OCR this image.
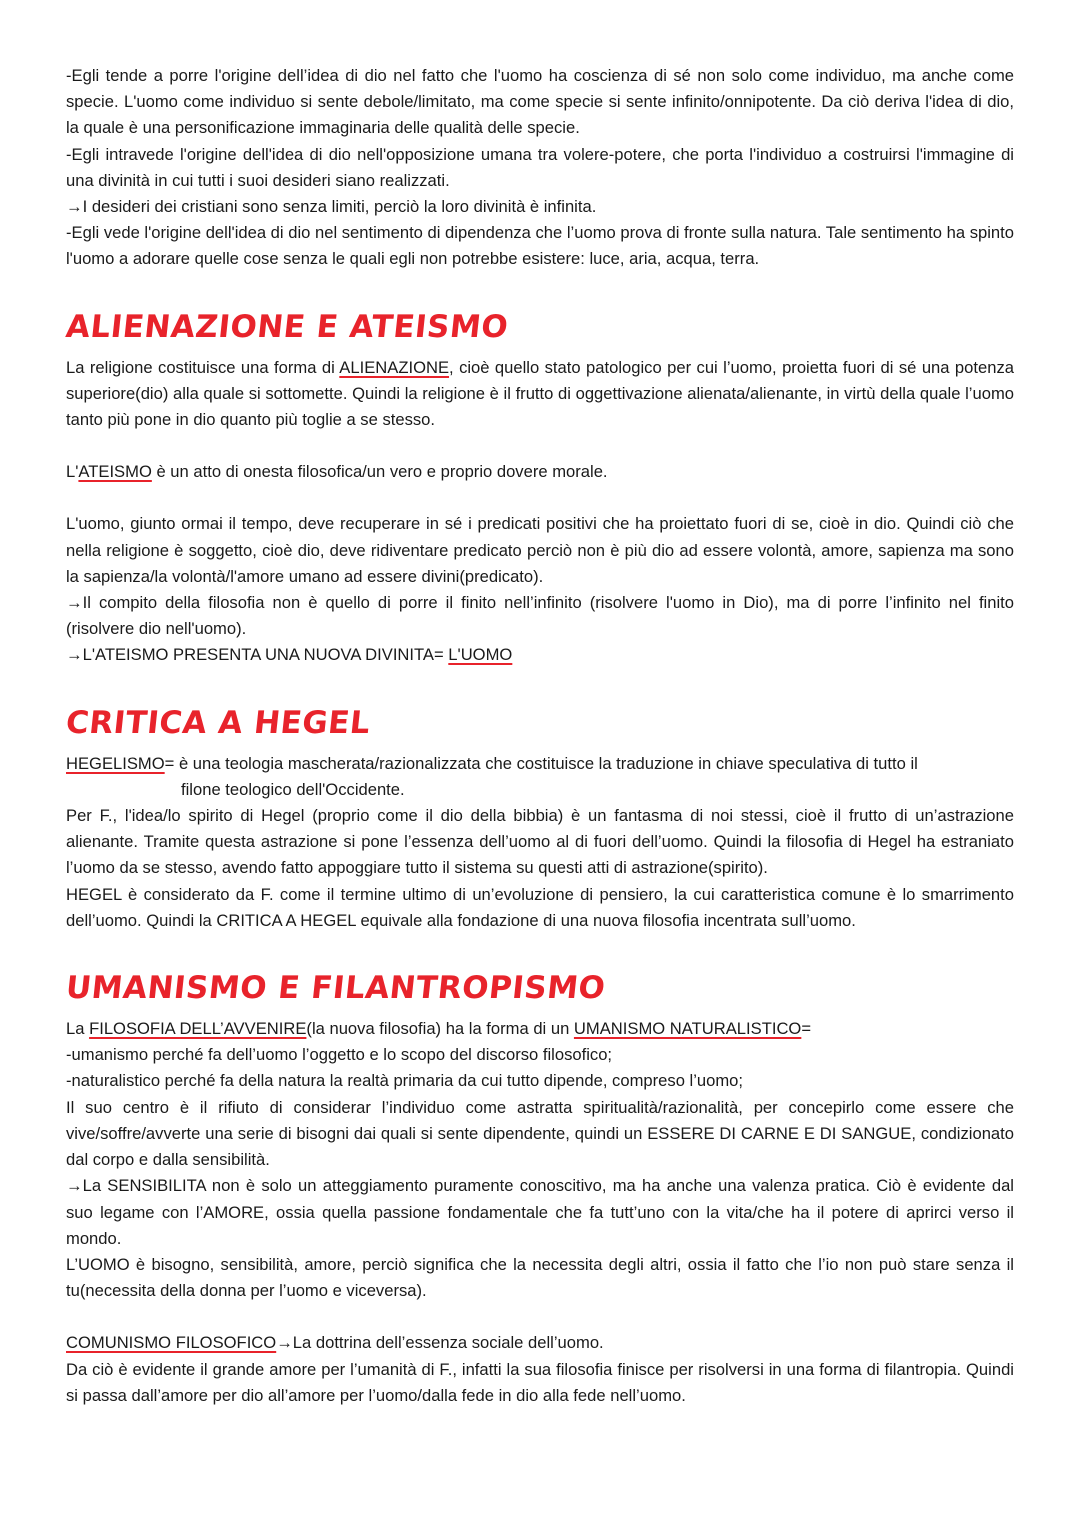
-Egli tende a porre l'origine dell’idea di dio nel fatto che l'uomo ha coscienza di sé non solo come individuo, ma anche come specie. L'uomo come individuo si sente debole/limitato, ma come specie si sente infinito/onnipotente. Da ciò deriva l'idea di dio, la quale è una personificazione immaginaria delle qualità delle specie.

-Egli intravede l'origine dell'idea di dio nell'opposizione umana tra volere-potere, che porta l'individuo a costruirsi l'immagine di una divinità in cui tutti i suoi desideri siano realizzati.

→I desideri dei cristiani sono senza limiti, perciò la loro divinità è infinita.

-Egli vede l'origine dell'idea di dio nel sentimento di dipendenza che l’uomo prova di fronte sulla natura. Tale sentimento ha spinto l'uomo a adorare quelle cose senza le quali egli non potrebbe esistere: luce, aria, acqua, terra.

ALIENAZIONE E ATEISMO

La religione costituisce una forma di ALIENAZIONE, cioè quello stato patologico per cui l’uomo, proietta fuori di sé una potenza superiore(dio) alla quale si sottomette. Quindi la religione è il frutto di oggettivazione alienata/alienante, in virtù della quale l’uomo tanto più pone in dio quanto più toglie a se stesso.

L'ATEISMO è un atto di onesta filosofica/un vero e proprio dovere morale.

L'uomo, giunto ormai il tempo, deve recuperare in sé i predicati positivi che ha proiettato fuori di se, cioè in dio. Quindi ciò che nella religione è soggetto, cioè dio, deve ridiventare predicato perciò non è più dio ad essere volontà, amore, sapienza ma sono la sapienza/la volontà/l'amore umano ad essere divini(predicato).

→Il compito della filosofia non è quello di porre il finito nell’infinito (risolvere l'uomo in Dio), ma di porre l’infinito nel finito (risolvere dio nell'uomo).

→L'ATEISMO PRESENTA UNA NUOVA DIVINITA= L'UOMO

CRITICA A HEGEL

HEGELISMO = è una teologia mascherata/razionalizzata che costituisce la traduzione in chiave speculativa di tutto il

filone teologico dell'Occidente.

Per F., l'idea/lo spirito di Hegel (proprio come il dio della bibbia) è un fantasma di noi stessi, cioè il frutto di un’astrazione alienante. Tramite questa astrazione si pone l’essenza dell’uomo al di fuori dell’uomo. Quindi la filosofia di Hegel ha estraniato l’uomo da se stesso, avendo fatto appoggiare tutto il sistema su questi atti di astrazione(spirito).

HEGEL è considerato da F. come il termine ultimo di un’evoluzione di pensiero, la cui caratteristica comune è lo smarrimento dell’uomo. Quindi la CRITICA A HEGEL equivale alla fondazione di una nuova filosofia incentrata sull’uomo.

UMANISMO E FILANTROPISMO

La FILOSOFIA DELL’AVVENIRE(la nuova filosofia) ha la forma di un UMANISMO NATURALISTICO=

-umanismo perché fa dell’uomo l’oggetto e lo scopo del discorso filosofico;

-naturalistico perché fa della natura la realtà primaria da cui tutto dipende, compreso l’uomo;

Il suo centro è il rifiuto di considerar l’individuo come astratta spiritualità/razionalità, per concepirlo come essere che vive/soffre/avverte una serie di bisogni dai quali si sente dipendente, quindi un ESSERE DI CARNE E DI SANGUE, condizionato dal corpo e dalla sensibilità.

→La SENSIBILITA non è solo un atteggiamento puramente conoscitivo, ma ha anche una valenza pratica. Ciò è evidente dal suo legame con l’AMORE, ossia quella passione fondamentale che fa tutt’uno con la vita/che ha il potere di aprirci verso il mondo.

L’UOMO è bisogno, sensibilità, amore, perciò significa che la necessita degli altri, ossia il fatto che l’io non può stare senza il tu(necessita della donna per l’uomo e viceversa).

COMUNISMO FILOSOFICO→La dottrina dell’essenza sociale dell’uomo.

Da ciò è evidente il grande amore per l’umanità di F., infatti la sua filosofia finisce per risolversi in una forma di filantropia. Quindi si passa dall’amore per dio all’amore per l’uomo/dalla fede in dio alla fede nell’uomo.
